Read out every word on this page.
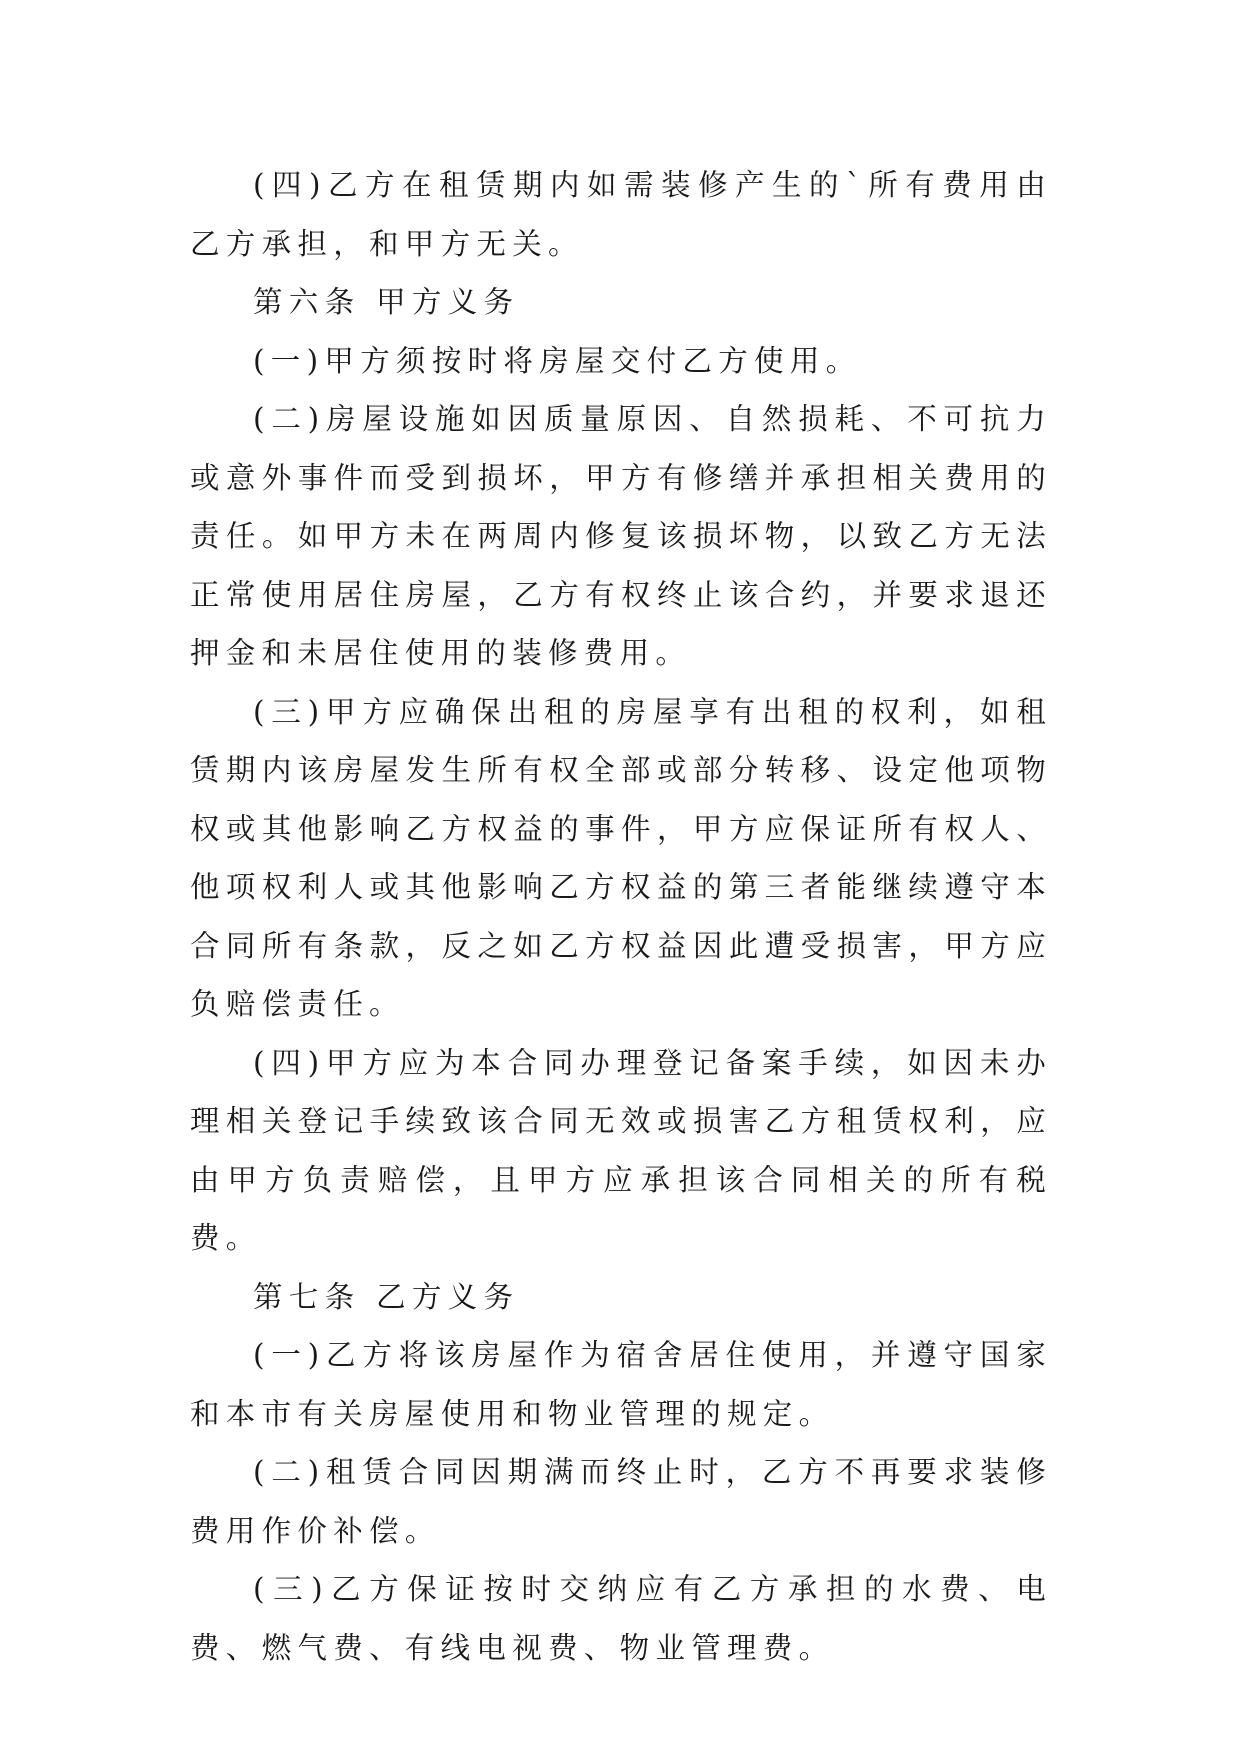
(四)乙方在租赁期内如需装修产生的`所有费用由乙方承担，和甲方无关。

第六条 甲方义务

(一)甲方须按时将房屋交付乙方使用。

(二)房屋设施如因质量原因、自然损耗、不可抗力或意外事件而受到损坏，甲方有修缮并承担相关费用的责任。如甲方未在两周内修复该损坏物，以致乙方无法正常使用居住房屋，乙方有权终止该合约，并要求退还押金和未居住使用的装修费用。

(三)甲方应确保出租的房屋享有出租的权利，如租赁期内该房屋发生所有权全部或部分转移、设定他项物权或其他影响乙方权益的事件，甲方应保证所有权人、他项权利人或其他影响乙方权益的第三者能继续遵守本合同所有条款，反之如乙方权益因此遭受损害，甲方应负赔偿责任。

(四)甲方应为本合同办理登记备案手续，如因未办理相关登记手续致该合同无效或损害乙方租赁权利，应由甲方负责赔偿，且甲方应承担该合同相关的所有税费。

第七条 乙方义务

(一)乙方将该房屋作为宿舍居住使用，并遵守国家和本市有关房屋使用和物业管理的规定。

(二)租赁合同因期满而终止时，乙方不再要求装修费用作价补偿。

(三)乙方保证按时交纳应有乙方承担的水费、电费、燃气费、有线电视费、物业管理费。
